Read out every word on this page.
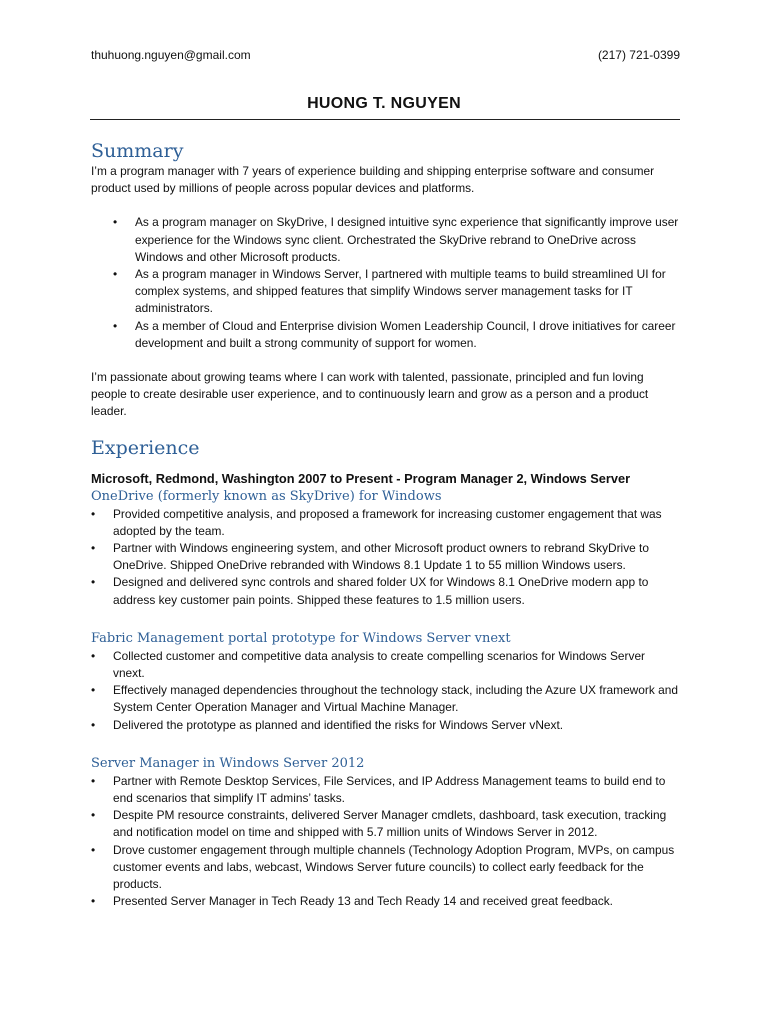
thuhuong.nguyen@gmail.com	(217) 721-0399
HUONG T. NGUYEN
Summary

I’m a program manager with 7 years of experience building and shipping enterprise software and consumer product used by millions of people across popular devices and platforms.

• As a program manager on SkyDrive, I designed intuitive sync experience that significantly improve user experience for the Windows sync client. Orchestrated the SkyDrive rebrand to OneDrive across Windows and other Microsoft products.
• As a program manager in Windows Server, I partnered with multiple teams to build streamlined UI for complex systems, and shipped features that simplify Windows server management tasks for IT administrators.
• As a member of Cloud and Enterprise division Women Leadership Council, I drove initiatives for career development and built a strong community of support for women.

I’m passionate about growing teams where I can work with talented, passionate, principled and fun loving people to create desirable user experience, and to continuously learn and grow as a person and a product leader.

Experience
Microsoft, Redmond, Washington 2007 to Present - Program Manager 2, Windows Server
OneDrive (formerly known as SkyDrive) for Windows
• Provided competitive analysis, and proposed a framework for increasing customer engagement that was adopted by the team.
• Partner with Windows engineering system, and other Microsoft product owners to rebrand SkyDrive to OneDrive. Shipped OneDrive rebranded with Windows 8.1 Update 1 to 55 million Windows users.
• Designed and delivered sync controls and shared folder UX for Windows 8.1 OneDrive modern app to address key customer pain points. Shipped these features to 1.5 million users.
Fabric Management portal prototype for Windows Server vnext
• Collected customer and competitive data analysis to create compelling scenarios for Windows Server vnext.
• Effectively managed dependencies throughout the technology stack, including the Azure UX framework and System Center Operation Manager and Virtual Machine Manager.
• Delivered the prototype as planned and identified the risks for Windows Server vNext.
Server Manager in Windows Server 2012
• Partner with Remote Desktop Services, File Services, and IP Address Management teams to build end to end scenarios that simplify IT admins’ tasks.
• Despite PM resource constraints, delivered Server Manager cmdlets, dashboard, task execution, tracking and notification model on time and shipped with 5.7 million units of Windows Server in 2012.
• Drove customer engagement through multiple channels (Technology Adoption Program, MVPs, on campus customer events and labs, webcast, Windows Server future councils) to collect early feedback for the products.
• Presented Server Manager in Tech Ready 13 and Tech Ready 14 and received great feedback.
